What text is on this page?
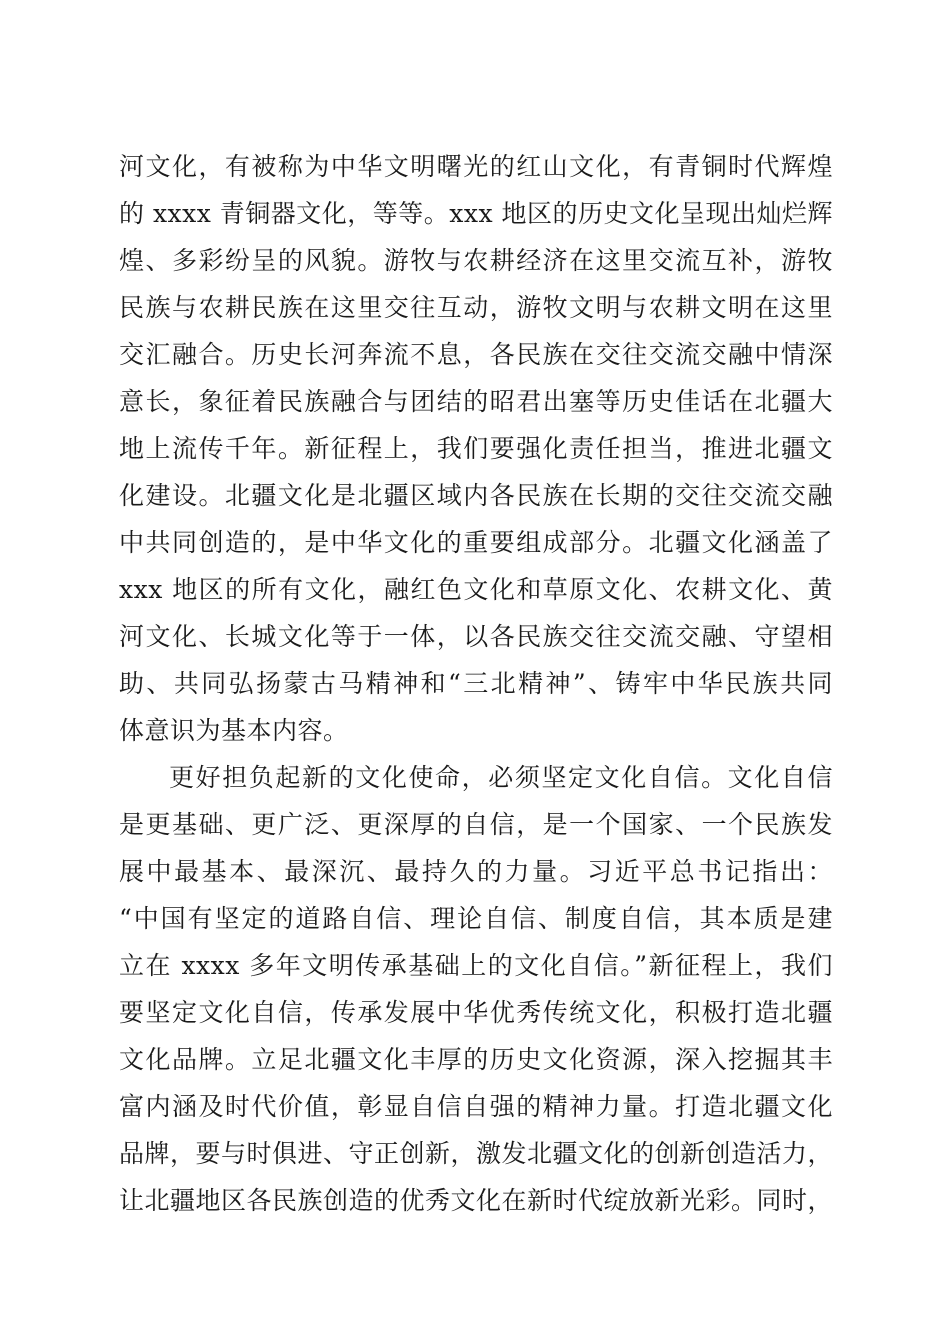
河文化，有被称为中华文明曙光的红山文化，有青铜时代辉煌
的 xxxx 青铜器文化，等等。xxx 地区的历史文化呈现出灿烂辉
煌、多彩纷呈的风貌。游牧与农耕经济在这里交流互补，游牧
民族与农耕民族在这里交往互动，游牧文明与农耕文明在这里
交汇融合。历史长河奔流不息，各民族在交往交流交融中情深
意长，象征着民族融合与团结的昭君出塞等历史佳话在北疆大
地上流传千年。新征程上，我们要强化责任担当，推进北疆文
化建设。北疆文化是北疆区域内各民族在长期的交往交流交融
中共同创造的，是中华文化的重要组成部分。北疆文化涵盖了
xxx 地区的所有文化，融红色文化和草原文化、农耕文化、黄
河文化、长城文化等于一体，以各民族交往交流交融、守望相
助、共同弘扬蒙古马精神和“三北精神”、铸牢中华民族共同
体意识为基本内容。
更好担负起新的文化使命，必须坚定文化自信。文化自信
是更基础、更广泛、更深厚的自信，是一个国家、一个民族发
展中最基本、最深沉、最持久的力量。习近平总书记指出：
“中国有坚定的道路自信、理论自信、制度自信，其本质是建
立在 xxxx 多年文明传承基础上的文化自信。”新征程上，我们
要坚定文化自信，传承发展中华优秀传统文化，积极打造北疆
文化品牌。立足北疆文化丰厚的历史文化资源，深入挖掘其丰
富内涵及时代价值，彰显自信自强的精神力量。打造北疆文化
品牌，要与时俱进、守正创新，激发北疆文化的创新创造活力，
让北疆地区各民族创造的优秀文化在新时代绽放新光彩。同时，
